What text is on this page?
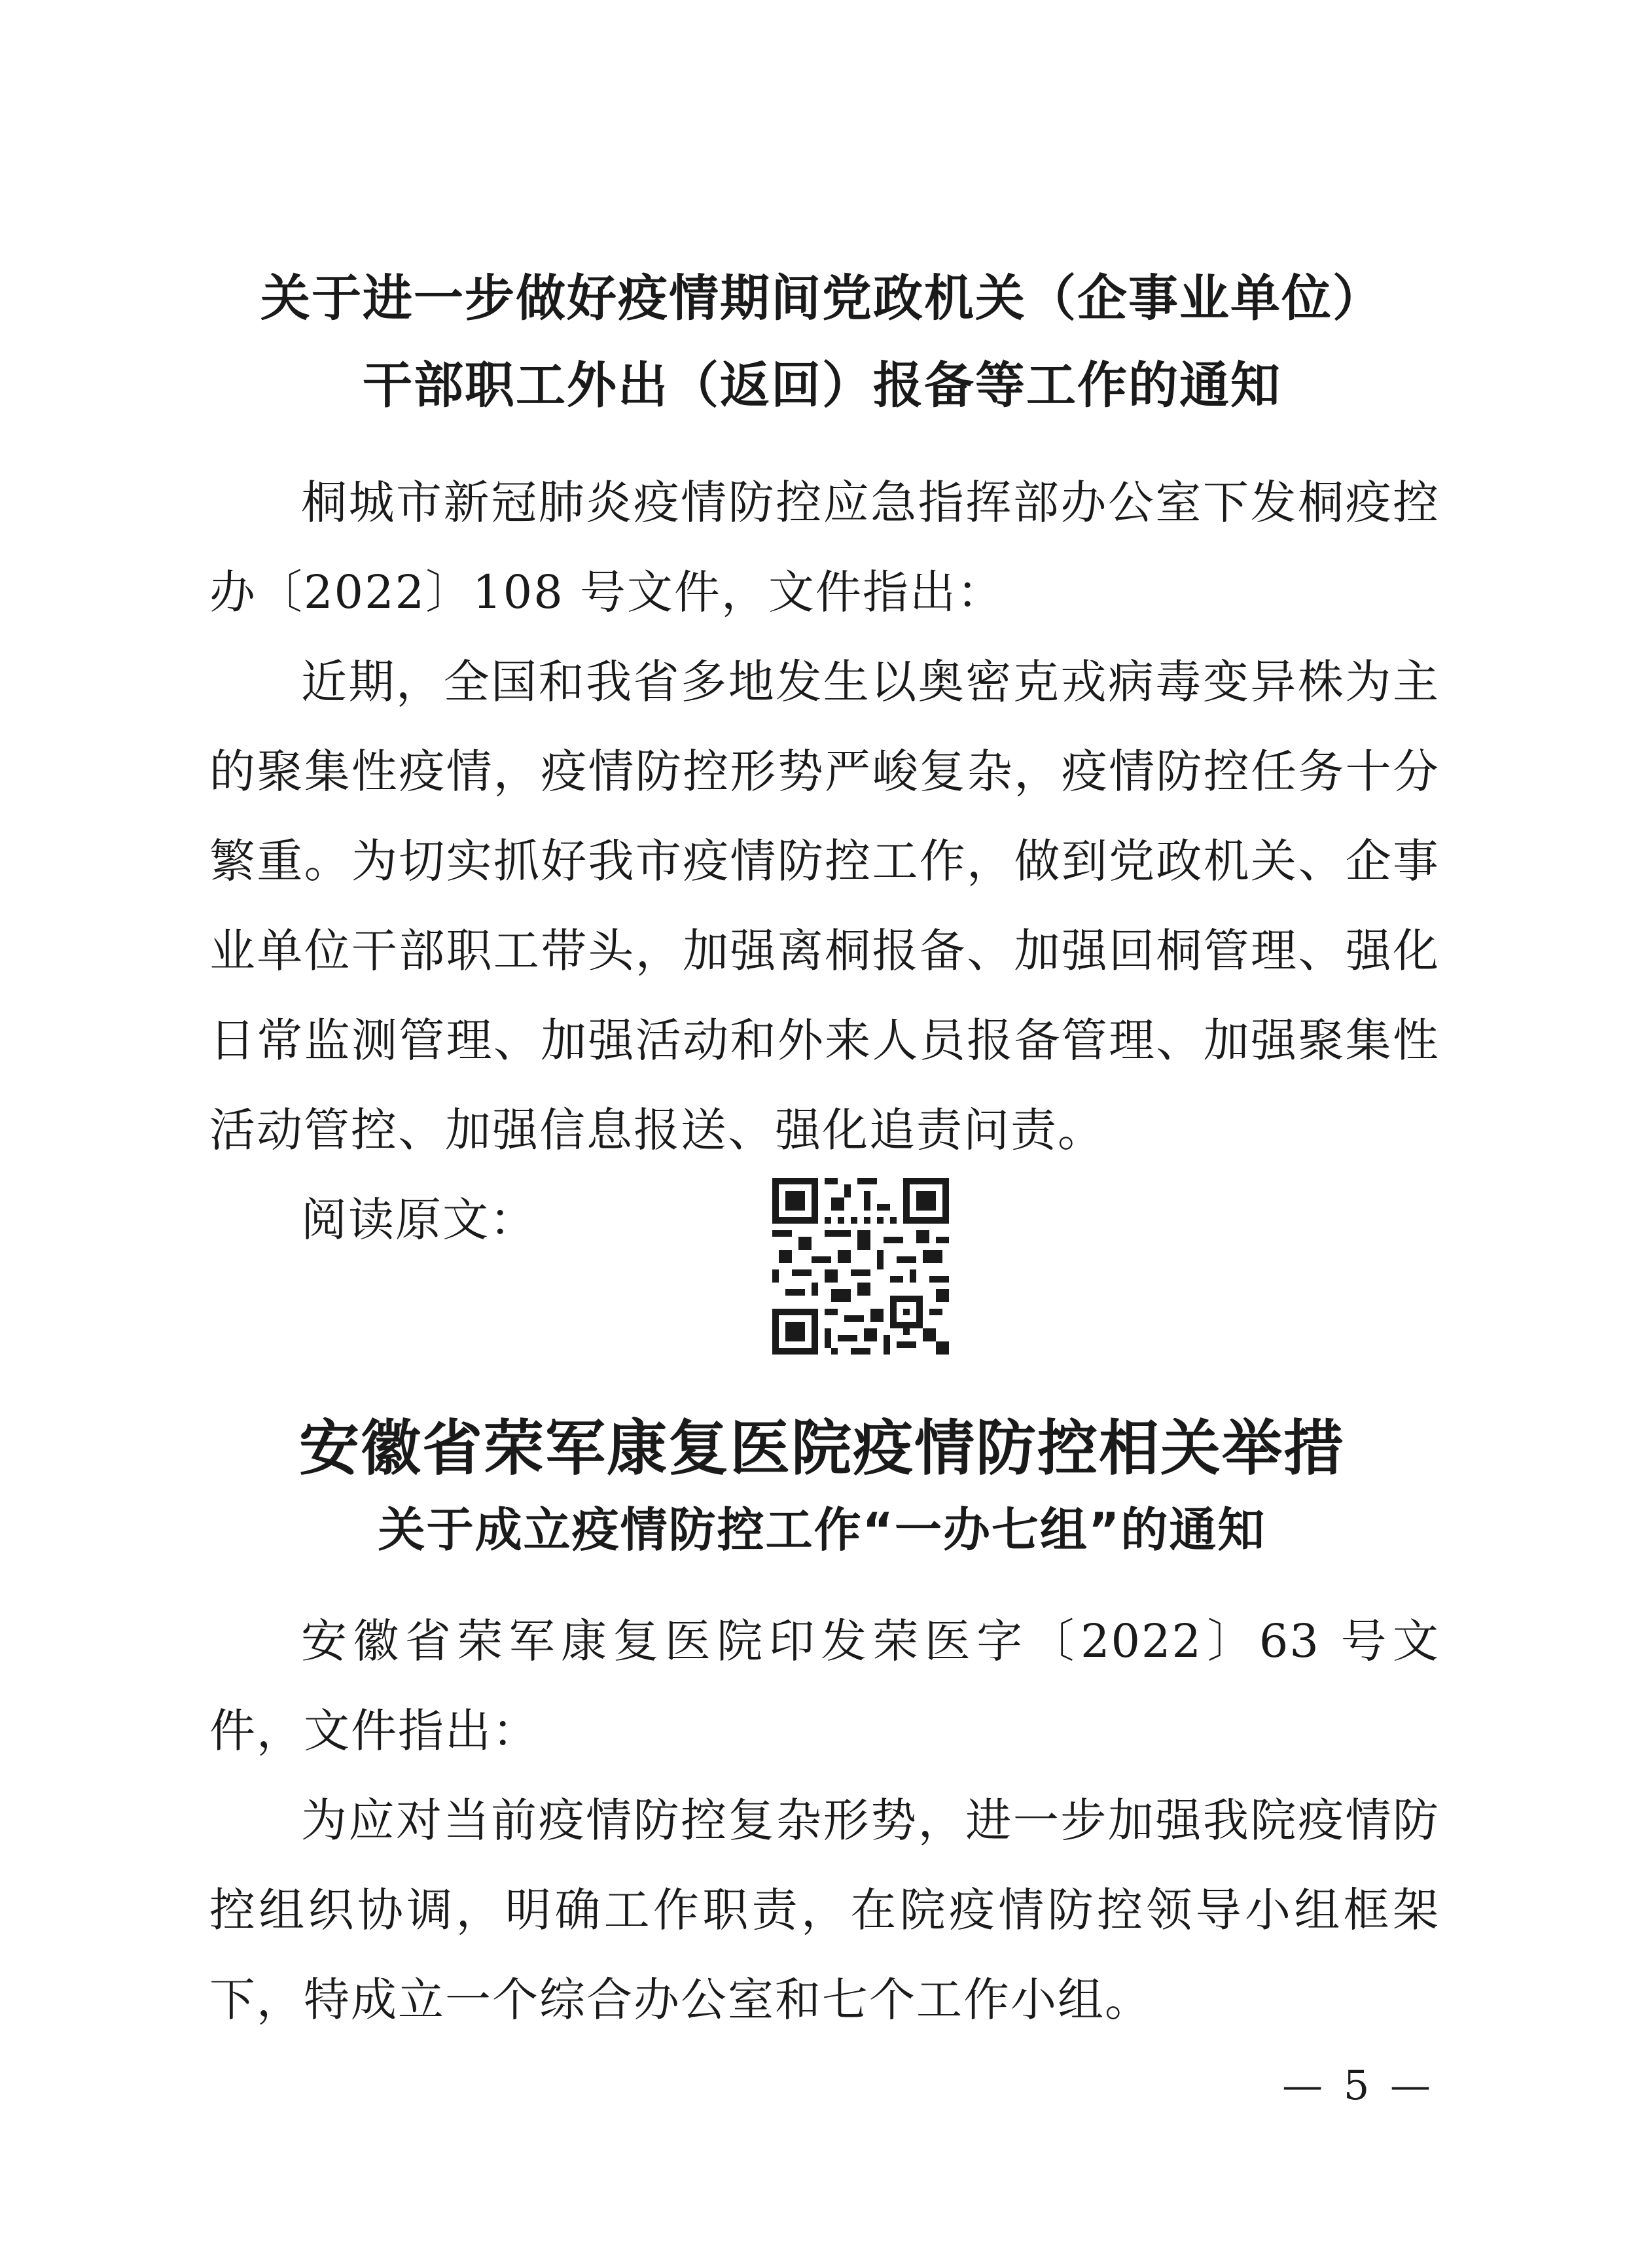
关于进一步做好疫情期间党政机关（企事业单位）
干部职工外出（返回）报备等工作的通知
桐城市新冠肺炎疫情防控应急指挥部办公室下发桐疫控办〔2022〕108 号文件，文件指出：
近期，全国和我省多地发生以奥密克戎病毒变异株为主的聚集性疫情，疫情防控形势严峻复杂，疫情防控任务十分繁重。为切实抓好我市疫情防控工作，做到党政机关、企事业单位干部职工带头，加强离桐报备、加强回桐管理、强化日常监测管理、加强活动和外来人员报备管理、加强聚集性活动管控、加强信息报送、强化追责问责。
阅读原文：
安徽省荣军康复医院疫情防控相关举措
关于成立疫情防控工作“一办七组”的通知
安徽省荣军康复医院印发荣医字〔2022〕63 号文件，文件指出：
为应对当前疫情防控复杂形势，进一步加强我院疫情防控组织协调，明确工作职责，在院疫情防控领导小组框架下，特成立一个综合办公室和七个工作小组。
— 5 —
